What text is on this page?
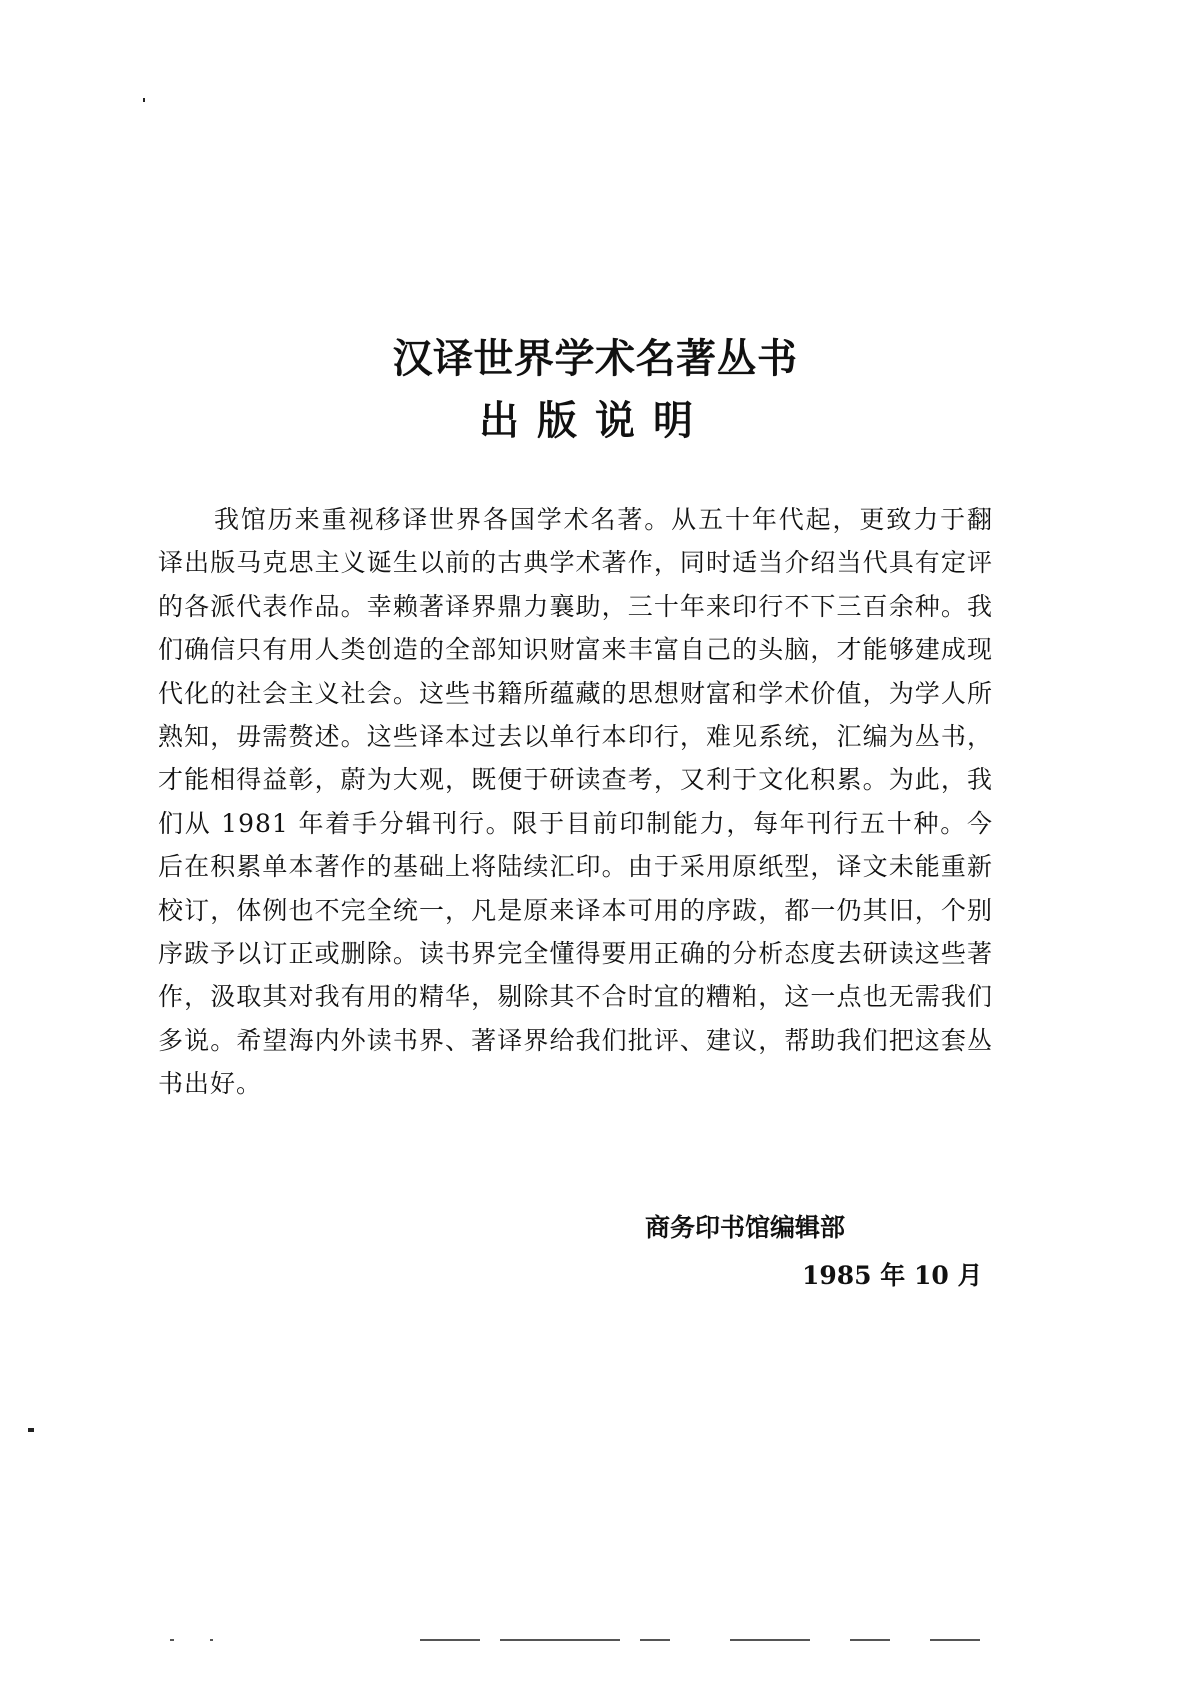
汉译世界学术名著丛书
出版说明

我馆历来重视移译世界各国学术名著。从五十年代起，更致力于翻译出版马克思主义诞生以前的古典学术著作，同时适当介绍当代具有定评的各派代表作品。幸赖著译界鼎力襄助，三十年来印行不下三百余种。我们确信只有用人类创造的全部知识财富来丰富自己的头脑，才能够建成现代化的社会主义社会。这些书籍所蕴藏的思想财富和学术价值，为学人所熟知，毋需赘述。这些译本过去以单行本印行，难见系统，汇编为丛书，才能相得益彰，蔚为大观，既便于研读查考，又利于文化积累。为此，我们从 1981 年着手分辑刊行。限于目前印制能力，每年刊行五十种。今后在积累单本著作的基础上将陆续汇印。由于采用原纸型，译文未能重新校订，体例也不完全统一，凡是原来译本可用的序跋，都一仍其旧，个别序跋予以订正或删除。读书界完全懂得要用正确的分析态度去研读这些著作，汲取其对我有用的精华，剔除其不合时宜的糟粕，这一点也无需我们多说。希望海内外读书界、著译界给我们批评、建议，帮助我们把这套丛书出好。

商务印书馆编辑部
1985 年 10 月
